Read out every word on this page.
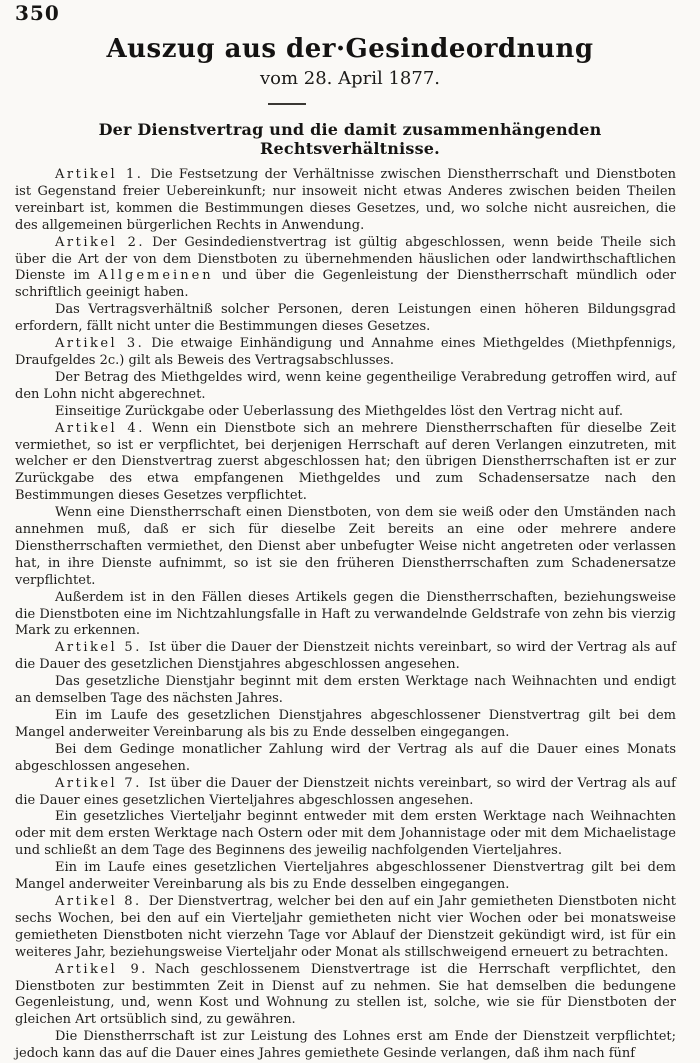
350
Auszug aus der·Gesindeordnung
vom 28. April 1877.
Der Dienstvertrag und die damit zusammenhängenden Rechtsverhältnisse.

Artikel 1. Die Festsetzung der Verhältnisse zwischen Dienstherrschaft und Dienstboten ist Gegenstand freier Uebereinkunft; nur insoweit nicht etwas Anderes zwischen beiden Theilen vereinbart ist, kommen die Bestimmungen dieses Gesetzes, und, wo solche nicht ausreichen, die des allgemeinen bürgerlichen Rechts in Anwendung.

Artikel 2. Der Gesindedienstvertrag ist gültig abgeschlossen, wenn beide Theile sich über die Art der von dem Dienstboten zu übernehmenden häuslichen oder landwirthschaftlichen Dienste im Allgemeinen und über die Gegenleistung der Dienstherrschaft mündlich oder schriftlich geeinigt haben.

Das Vertragsverhältniß solcher Personen, deren Leistungen einen höheren Bildungsgrad erfordern, fällt nicht unter die Bestimmungen dieses Gesetzes.

Artikel 3. Die etwaige Einhändigung und Annahme eines Miethgeldes (Miethpfennigs, Draufgeldes 2c.) gilt als Beweis des Vertragsabschlusses.

Der Betrag des Miethgeldes wird, wenn keine gegentheilige Verabredung getroffen wird, auf den Lohn nicht abgerechnet.

Einseitige Zurückgabe oder Ueberlassung des Miethgeldes löst den Vertrag nicht auf.

Artikel 4. Wenn ein Dienstbote sich an mehrere Dienstherrschaften für dieselbe Zeit vermiethet, so ist er verpflichtet, bei derjenigen Herrschaft auf deren Verlangen einzutreten, mit welcher er den Dienstvertrag zuerst abgeschlossen hat; den übrigen Dienstherrschaften ist er zur Zurückgabe des etwa empfangenen Miethgeldes und zum Schadensersatze nach den Bestimmungen dieses Gesetzes verpflichtet.

Wenn eine Dienstherrschaft einen Dienstboten, von dem sie weiß oder den Umständen nach annehmen muß, daß er sich für dieselbe Zeit bereits an eine oder mehrere andere Dienstherrschaften vermiethet, den Dienst aber unbefugter Weise nicht angetreten oder verlassen hat, in ihre Dienste aufnimmt, so ist sie den früheren Dienstherrschaften zum Schadenersatze verpflichtet.

Außerdem ist in den Fällen dieses Artikels gegen die Dienstherrschaften, beziehungsweise die Dienstboten eine im Nichtzahlungsfalle in Haft zu verwandelnde Geldstrafe von zehn bis vierzig Mark zu erkennen.

Artikel 5. Ist über die Dauer der Dienstzeit nichts vereinbart, so wird der Vertrag als auf die Dauer des gesetzlichen Dienstjahres abgeschlossen angesehen.

Das gesetzliche Dienstjahr beginnt mit dem ersten Werktage nach Weihnachten und endigt an demselben Tage des nächsten Jahres.

Ein im Laufe des gesetzlichen Dienstjahres abgeschlossener Dienstvertrag gilt bei dem Mangel anderweiter Vereinbarung als bis zu Ende desselben eingegangen.

Bei dem Gedinge monatlicher Zahlung wird der Vertrag als auf die Dauer eines Monats abgeschlossen angesehen.

Artikel 7. Ist über die Dauer der Dienstzeit nichts vereinbart, so wird der Vertrag als auf die Dauer eines gesetzlichen Vierteljahres abgeschlossen angesehen.

Ein gesetzliches Vierteljahr beginnt entweder mit dem ersten Werktage nach Weihnachten oder mit dem ersten Werktage nach Ostern oder mit dem Johannistage oder mit dem Michaelistage und schließt an dem Tage des Beginnens des jeweilig nachfolgenden Vierteljahres.

Ein im Laufe eines gesetzlichen Vierteljahres abgeschlossener Dienstvertrag gilt bei dem Mangel anderweiter Vereinbarung als bis zu Ende desselben eingegangen.

Artikel 8. Der Dienstvertrag, welcher bei den auf ein Jahr gemietheten Dienstboten nicht sechs Wochen, bei den auf ein Vierteljahr gemietheten nicht vier Wochen oder bei monatsweise gemietheten Dienstboten nicht vierzehn Tage vor Ablauf der Dienstzeit gekündigt wird, ist für ein weiteres Jahr, beziehungsweise Vierteljahr oder Monat als stillschweigend erneuert zu betrachten.

Artikel 9. Nach geschlossenem Dienstvertrage ist die Herrschaft verpflichtet, den Dienstboten zur bestimmten Zeit in Dienst auf zu nehmen. Sie hat demselben die bedungene Gegenleistung, und, wenn Kost und Wohnung zu stellen ist, solche, wie sie für Dienstboten der gleichen Art ortsüblich sind, zu gewähren.

Die Dienstherrschaft ist zur Leistung des Lohnes erst am Ende der Dienstzeit verpflichtet; jedoch kann das auf die Dauer eines Jahres gemiethete Gesinde verlangen, daß ihm nach fünf
